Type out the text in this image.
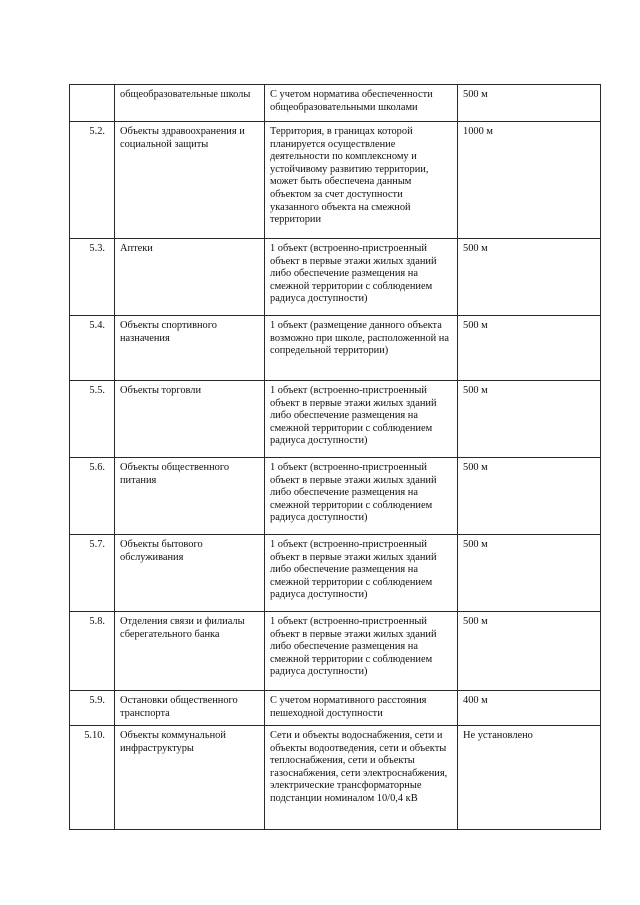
	общеобразовательные школы	С учетом норматива обеспеченности общеобразовательными школами	500 м
5.2.	Объекты здравоохранения и социальной защиты	Территория, в границах которой планируется осуществление деятельности по комплексному и устойчивому развитию территории, может быть обеспечена данным объектом за счет доступности указанного объекта на смежной территории	1000 м
5.3.	Аптеки	1 объект (встроенно-пристроенный объект в первые этажи жилых зданий либо обеспечение размещения на смежной территории с соблюдением радиуса доступности)	500 м
5.4.	Объекты спортивного назначения	1 объект (размещение данного объекта возможно при школе, расположенной на сопредельной территории)	500 м
5.5.	Объекты торговли	1 объект (встроенно-пристроенный объект в первые этажи жилых зданий либо обеспечение размещения на смежной территории с соблюдением радиуса доступности)	500 м
5.6.	Объекты общественного питания	1 объект (встроенно-пристроенный объект в первые этажи жилых зданий либо обеспечение размещения на смежной территории с соблюдением радиуса доступности)	500 м
5.7.	Объекты бытового обслуживания	1 объект (встроенно-пристроенный объект в первые этажи жилых зданий либо обеспечение размещения на смежной территории с соблюдением радиуса доступности)	500 м
5.8.	Отделения связи и филиалы сберегательного банка	1 объект (встроенно-пристроенный объект в первые этажи жилых зданий либо обеспечение размещения на смежной территории с соблюдением радиуса доступности)	500 м
5.9.	Остановки общественного транспорта	С учетом нормативного расстояния пешеходной доступности	400 м
5.10.	Объекты коммунальной инфраструктуры	Сети и объекты водоснабжения, сети и объекты водоотведения, сети и объекты теплоснабжения, сети и объекты газоснабжения, сети электроснабжения, электрические трансформаторные подстанции номиналом 10/0,4 кВ	Не установлено
